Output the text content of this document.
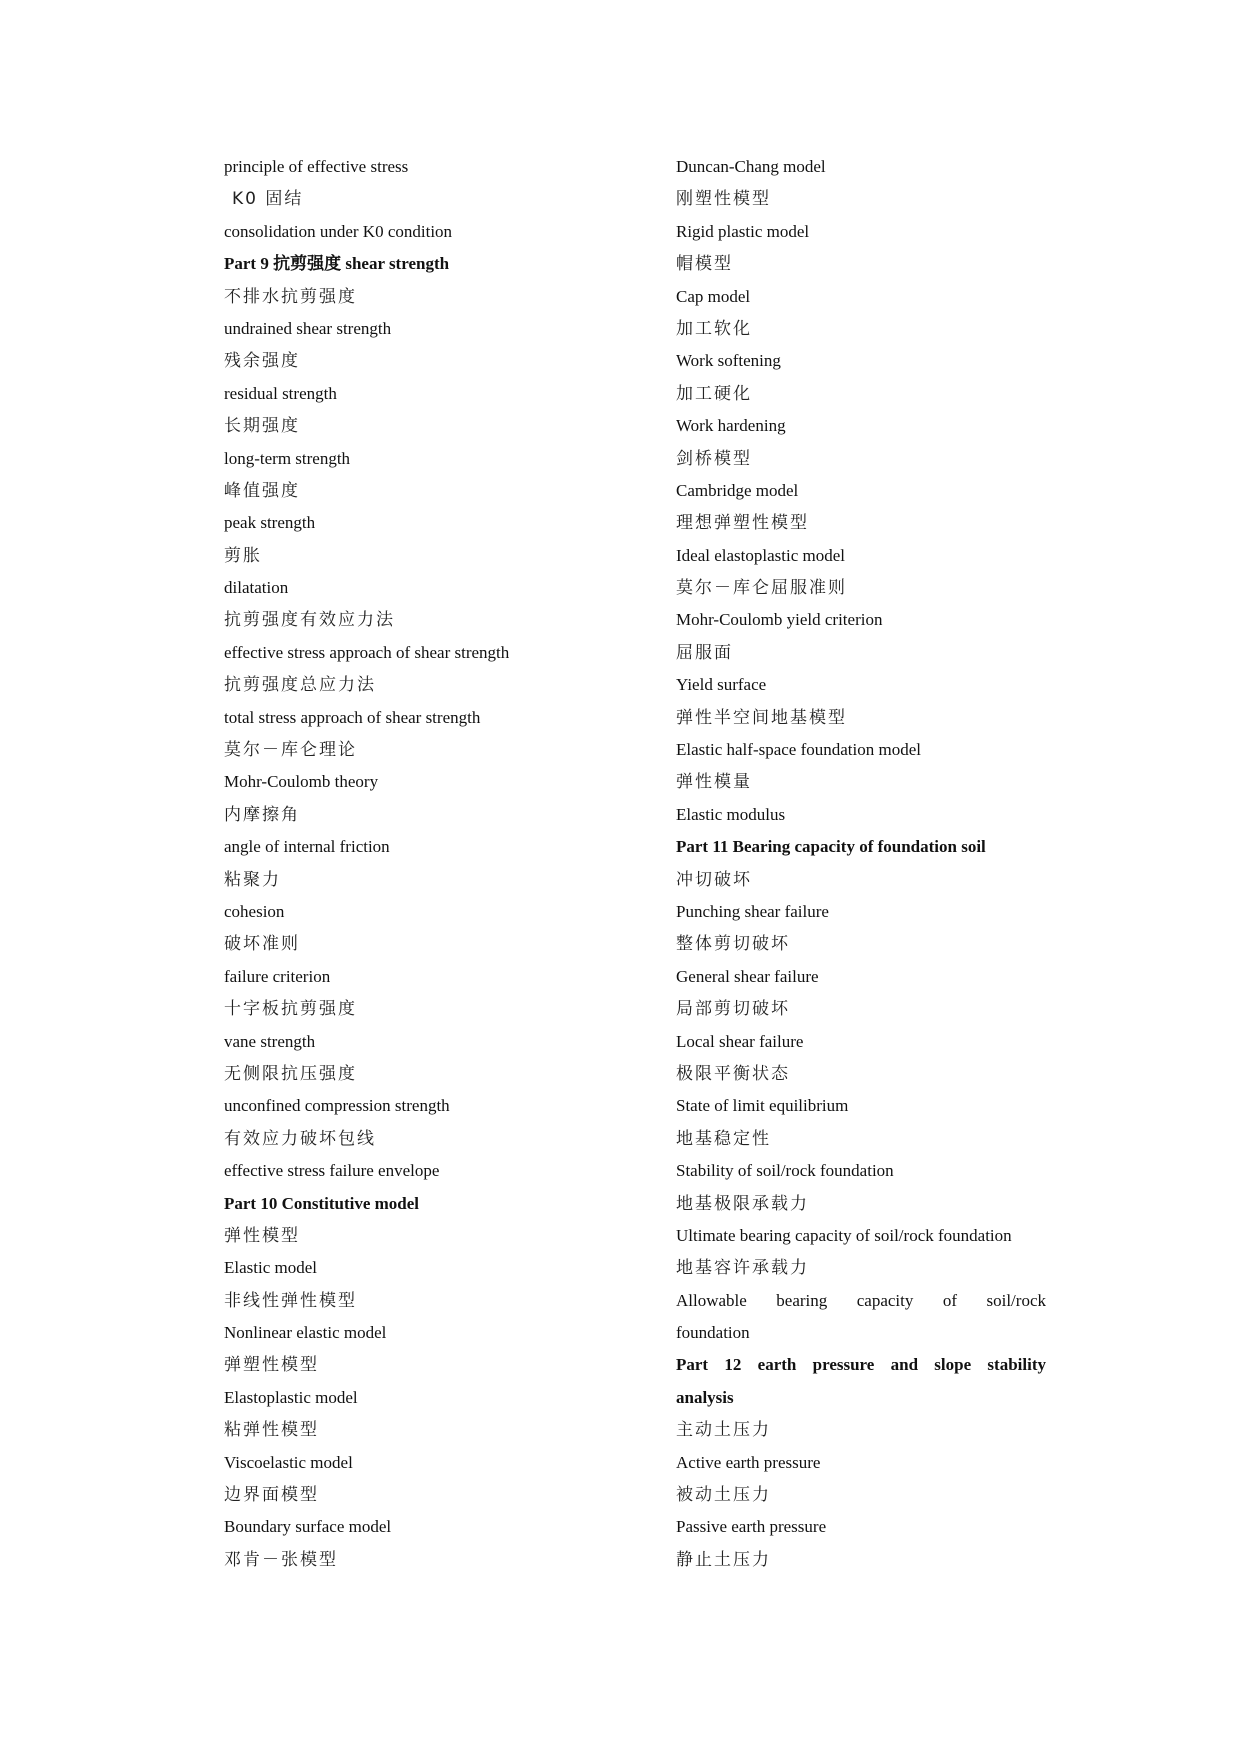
principle of effective stress
K0 固结
consolidation under K0 condition
Part 9 抗剪强度 shear strength
不排水抗剪强度
undrained shear strength
残余强度
residual strength
长期强度
long-term strength
峰值强度
peak strength
剪胀
dilatation
抗剪强度有效应力法
effective stress approach of shear strength
抗剪强度总应力法
total stress approach of shear strength
莫尔－库仑理论
Mohr-Coulomb theory
内摩擦角
angle of internal friction
粘聚力
cohesion
破坏准则
failure criterion
十字板抗剪强度
vane strength
无侧限抗压强度
unconfined compression strength
有效应力破坏包线
effective stress failure envelope
Part 10 Constitutive model
弹性模型
Elastic model
非线性弹性模型
Nonlinear elastic model
弹塑性模型
Elastoplastic model
粘弹性模型
Viscoelastic model
边界面模型
Boundary surface model
邓肯－张模型
Duncan-Chang model
刚塑性模型
Rigid plastic model
帽模型
Cap model
加工软化
Work softening
加工硬化
Work hardening
剑桥模型
Cambridge model
理想弹塑性模型
Ideal elastoplastic model
莫尔－库仑屈服准则
Mohr-Coulomb yield criterion
屈服面
Yield surface
弹性半空间地基模型
Elastic half-space foundation model
弹性模量
Elastic modulus
Part 11 Bearing capacity of foundation soil
冲切破坏
Punching shear failure
整体剪切破坏
General shear failure
局部剪切破坏
Local shear failure
极限平衡状态
State of limit equilibrium
地基稳定性
Stability of soil/rock foundation
地基极限承载力
Ultimate bearing capacity of soil/rock foundation
地基容许承载力
Allowable bearing capacity of soil/rock
foundation
Part 12 earth pressure and slope stability
analysis
主动土压力
Active earth pressure
被动土压力
Passive earth pressure
静止土压力
